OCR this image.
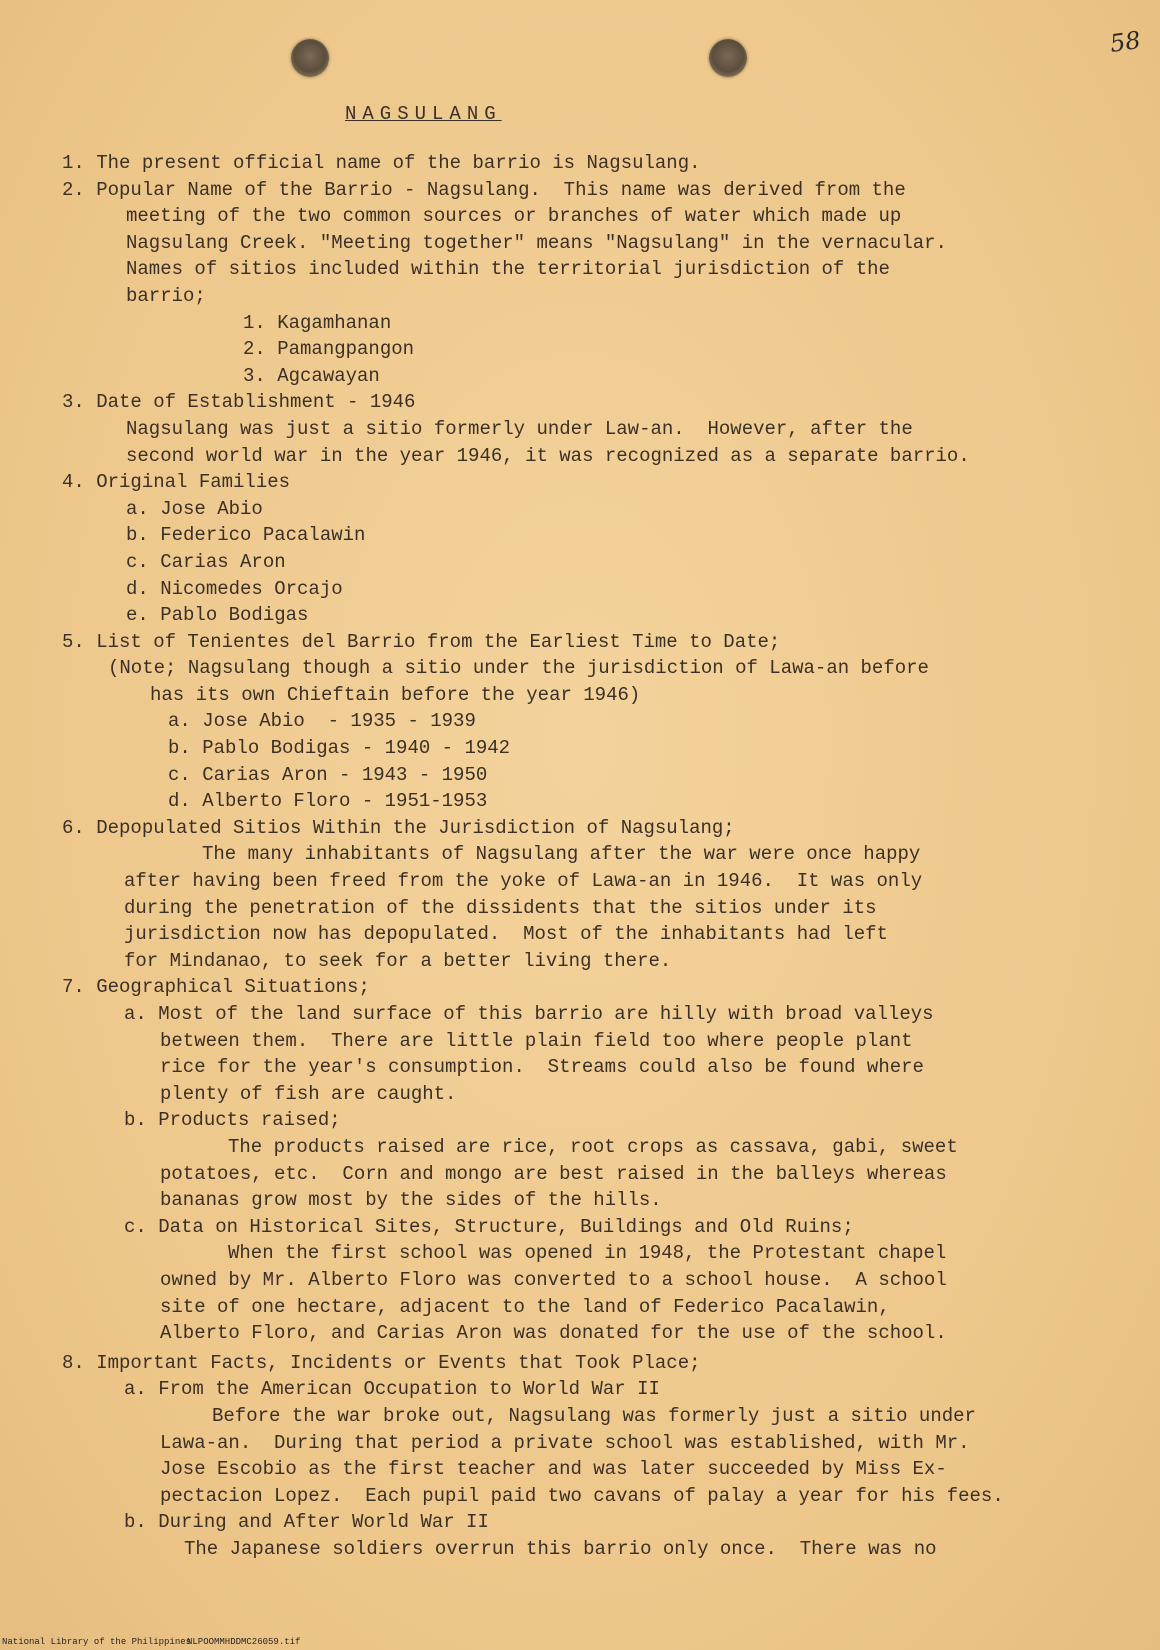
58
NAGSULANG
1. The present official name of the barrio is Nagsulang.
2. Popular Name of the Barrio - Nagsulang.  This name was derived from the
meeting of the two common sources or branches of water which made up
Nagsulang Creek. "Meeting together" means "Nagsulang" in the vernacular.
Names of sitios included within the territorial jurisdiction of the
barrio;
1. Kagamhanan
2. Pamangpangon
3. Agcawayan
3. Date of Establishment - 1946
Nagsulang was just a sitio formerly under Law-an.  However, after the
second world war in the year 1946, it was recognized as a separate barrio.
4. Original Families
a. Jose Abio
b. Federico Pacalawin
c. Carias Aron
d. Nicomedes Orcajo
e. Pablo Bodigas
5. List of Tenientes del Barrio from the Earliest Time to Date;
(Note; Nagsulang though a sitio under the jurisdiction of Lawa-an before
has its own Chieftain before the year 1946)
a. Jose Abio  - 1935 - 1939
b. Pablo Bodigas - 1940 - 1942
c. Carias Aron - 1943 - 1950
d. Alberto Floro - 1951-1953
6. Depopulated Sitios Within the Jurisdiction of Nagsulang;
The many inhabitants of Nagsulang after the war were once happy
after having been freed from the yoke of Lawa-an in 1946.  It was only
during the penetration of the dissidents that the sitios under its
jurisdiction now has depopulated.  Most of the inhabitants had left
for Mindanao, to seek for a better living there.
7. Geographical Situations;
a. Most of the land surface of this barrio are hilly with broad valleys
between them.  There are little plain field too where people plant
rice for the year's consumption.  Streams could also be found where
plenty of fish are caught.
b. Products raised;
The products raised are rice, root crops as cassava, gabi, sweet
potatoes, etc.  Corn and mongo are best raised in the balleys whereas
bananas grow most by the sides of the hills.
c. Data on Historical Sites, Structure, Buildings and Old Ruins;
When the first school was opened in 1948, the Protestant chapel
owned by Mr. Alberto Floro was converted to a school house.  A school
site of one hectare, adjacent to the land of Federico Pacalawin,
Alberto Floro, and Carias Aron was donated for the use of the school.
8. Important Facts, Incidents or Events that Took Place;
a. From the American Occupation to World War II
Before the war broke out, Nagsulang was formerly just a sitio under
Lawa-an.  During that period a private school was established, with Mr.
Jose Escobio as the first teacher and was later succeeded by Miss Ex-
pectacion Lopez.  Each pupil paid two cavans of palay a year for his fees.
b. During and After World War II
The Japanese soldiers overrun this barrio only once.  There was no
National Library of the Philippines
NLPOOMMHDDMC26059.tif
